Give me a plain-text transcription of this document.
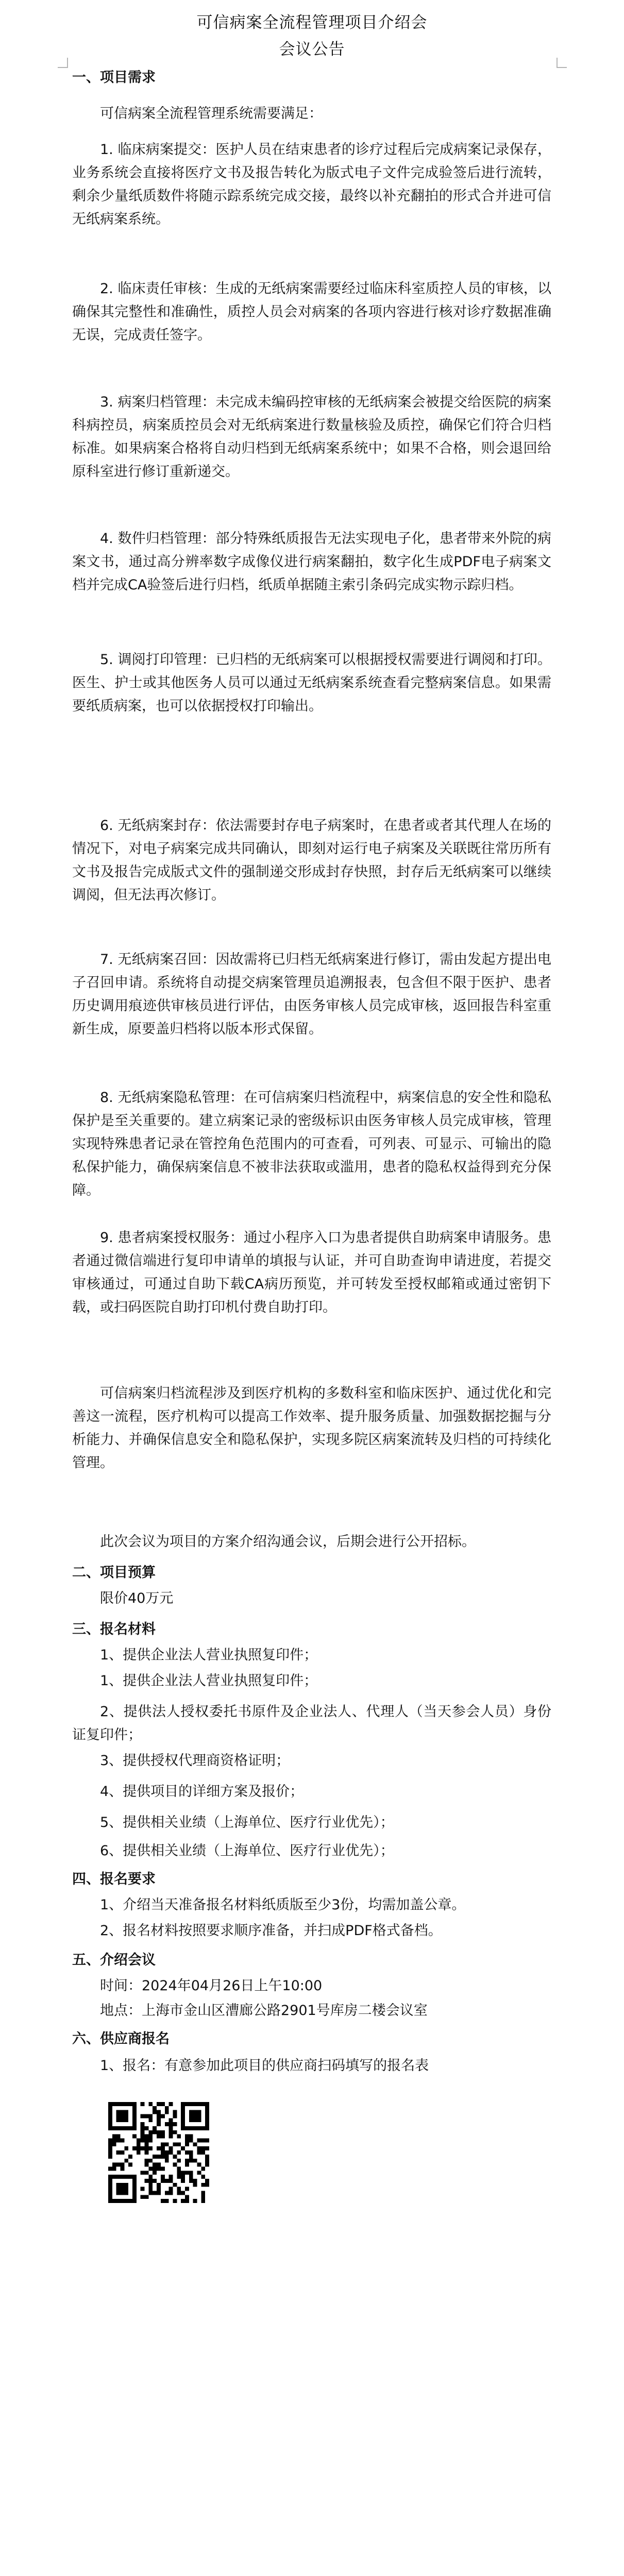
可信病案全流程管理项目介绍会
会议公告
一、项目需求
可信病案全流程管理系统需要满足：
1. 临床病案提交：医护人员在结束患者的诊疗过程后完成病案记录保存，业务系统会直接将医疗文书及报告转化为版式电子文件完成验签后进行流转，剩余少量纸质数件将随示踪系统完成交接，最终以补充翻拍的形式合并进可信无纸病案系统。
2. 临床责任审核：生成的无纸病案需要经过临床科室质控人员的审核，以确保其完整性和准确性，质控人员会对病案的各项内容进行核对诊疗数据准确无误，完成责任签字。
3. 病案归档管理：未完成未编码控审核的无纸病案会被提交给医院的病案科病控员，病案质控员会对无纸病案进行数量核验及质控，确保它们符合归档标准。如果病案合格将自动归档到无纸病案系统中；如果不合格，则会退回给原科室进行修订重新递交。
4. 数件归档管理：部分特殊纸质报告无法实现电子化，患者带来外院的病案文书，通过高分辨率数字成像仪进行病案翻拍，数字化生成PDF电子病案文档并完成CA验签后进行归档，纸质单据随主索引条码完成实物示踪归档。
5. 调阅打印管理：已归档的无纸病案可以根据授权需要进行调阅和打印。医生、护士或其他医务人员可以通过无纸病案系统查看完整病案信息。如果需要纸质病案，也可以依据授权打印输出。
6. 无纸病案封存：依法需要封存电子病案时，在患者或者其代理人在场的情况下，对电子病案完成共同确认，即刻对运行电子病案及关联既往常历所有文书及报告完成版式文件的强制递交形成封存快照，封存后无纸病案可以继续调阅，但无法再次修订。
7. 无纸病案召回：因故需将已归档无纸病案进行修订，需由发起方提出电子召回申请。系统将自动提交病案管理员追溯报表，包含但不限于医护、患者历史调用痕迹供审核员进行评估，由医务审核人员完成审核，返回报告科室重新生成，原要盖归档将以版本形式保留。
8. 无纸病案隐私管理：在可信病案归档流程中，病案信息的安全性和隐私保护是至关重要的。建立病案记录的密级标识由医务审核人员完成审核，管理实现特殊患者记录在管控角色范围内的可查看，可列表、可显示、可输出的隐私保护能力，确保病案信息不被非法获取或滥用，患者的隐私权益得到充分保障。
9. 患者病案授权服务：通过小程序入口为患者提供自助病案申请服务。患者通过微信端进行复印申请单的填报与认证，并可自助查询申请进度，若提交审核通过，可通过自助下载CA病历预览，并可转发至授权邮箱或通过密钥下载，或扫码医院自助打印机付费自助打印。
可信病案归档流程涉及到医疗机构的多数科室和临床医护、通过优化和完善这一流程，医疗机构可以提高工作效率、提升服务质量、加强数据挖掘与分析能力、并确保信息安全和隐私保护，实现多院区病案流转及归档的可持续化管理。
此次会议为项目的方案介绍沟通会议，后期会进行公开招标。
二、项目预算
限价40万元
三、报名材料
1、提供企业法人营业执照复印件；
1、提供企业法人营业执照复印件；
2、提供法人授权委托书原件及企业法人、代理人（当天参会人员）身份证复印件；
3、提供授权代理商资格证明；
4、提供项目的详细方案及报价；
5、提供相关业绩（上海单位、医疗行业优先）；
6、提供相关业绩（上海单位、医疗行业优先）；
四、报名要求
1、介绍当天准备报名材料纸质版至少3份，均需加盖公章。
2、报名材料按照要求顺序准备，并扫成PDF格式备档。
五、介绍会议
时间：2024年04月26日上午10:00
地点：上海市金山区漕廊公路2901号库房二楼会议室
六、供应商报名
1、报名：有意参加此项目的供应商扫码填写的报名表
